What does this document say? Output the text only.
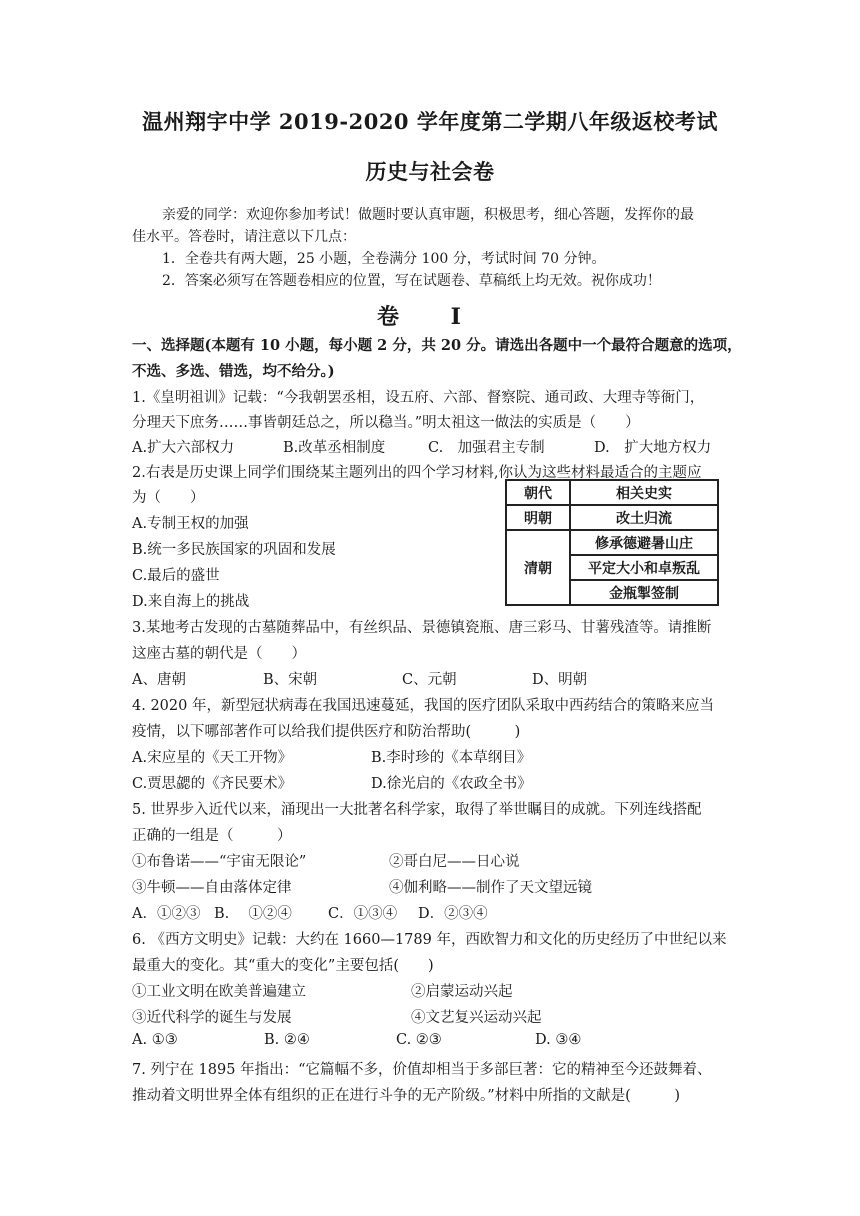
温州翔宇中学 2019-2020 学年度第二学期八年级返校考试
历史与社会卷
亲爱的同学：欢迎你参加考试！做题时要认真审题，积极思考，细心答题，发挥你的最
佳水平。答卷时，请注意以下几点：
1．全卷共有两大题，25 小题，全卷满分 100 分，考试时间 70 分钟。
2．答案必须写在答题卷相应的位置，写在试题卷、草稿纸上均无效。祝你成功！
卷 Ⅰ
一、选择题(本题有 10 小题，每小题 2 分，共 20 分。请选出各题中一个最符合题意的选项，
不选、多选、错选，均不给分。)
1.《皇明祖训》记载：“今我朝罢丞相，设五府、六部、督察院、通司政、大理寺等衙门，
分理天下庶务……事皆朝廷总之，所以稳当。”明太祖这一做法的实质是（　　）
A.扩大六部权力	B.改革丞相制度	C.　加强君主专制	D.　扩大地方权力
2.右表是历史课上同学们围绕某主题列出的四个学习材料,你认为这些材料最适合的主题应
为（　　）
A.专制王权的加强
B.统一多民族国家的巩固和发展
C.最后的盛世
D.来自海上的挑战
朝代	相关史实
明朝	改土归流
清朝	修承德避暑山庄
	平定大小和卓叛乱
	金瓶掣签制
3.某地考古发现的古墓随葬品中，有丝织品、景德镇瓷瓶、唐三彩马、甘薯残渣等。请推断
这座古墓的朝代是（　　）
A、唐朝	B、宋朝	C、元朝	D、明朝
4. 2020 年，新型冠状病毒在我国迅速蔓延，我国的医疗团队采取中西药结合的策略来应当
疫情，以下哪部著作可以给我们提供医疗和防治帮助(　　　)
A.宋应星的《天工开物》	B.李时珍的《本草纲目》
C.贾思勰的《齐民要术》	D.徐光启的《农政全书》
5. 世界步入近代以来，涌现出一大批著名科学家，取得了举世瞩目的成就。下列连线搭配
正确的一组是（　　　）
①布鲁诺——“宇宙无限论”	②哥白尼——日心说
③牛顿——自由落体定律	④伽利略——制作了天文望远镜
A．①②③ B.　 ①②④ C．①③④ D．②③④
6. 《西方文明史》记载：大约在 1660—1789 年，西欧智力和文化的历史经历了中世纪以来
最重大的变化。其“重大的变化”主要包括(　　)
①工业文明在欧美普遍建立	②启蒙运动兴起
③近代科学的诞生与发展	④文艺复兴运动兴起
A. ①③	B. ②④	C. ②③	D. ③④
7. 列宁在 1895 年指出：“它篇幅不多，价值却相当于多部巨著：它的精神至今还鼓舞着、
推动着文明世界全体有组织的正在进行斗争的无产阶级。”材料中所指的文献是(　　　)
